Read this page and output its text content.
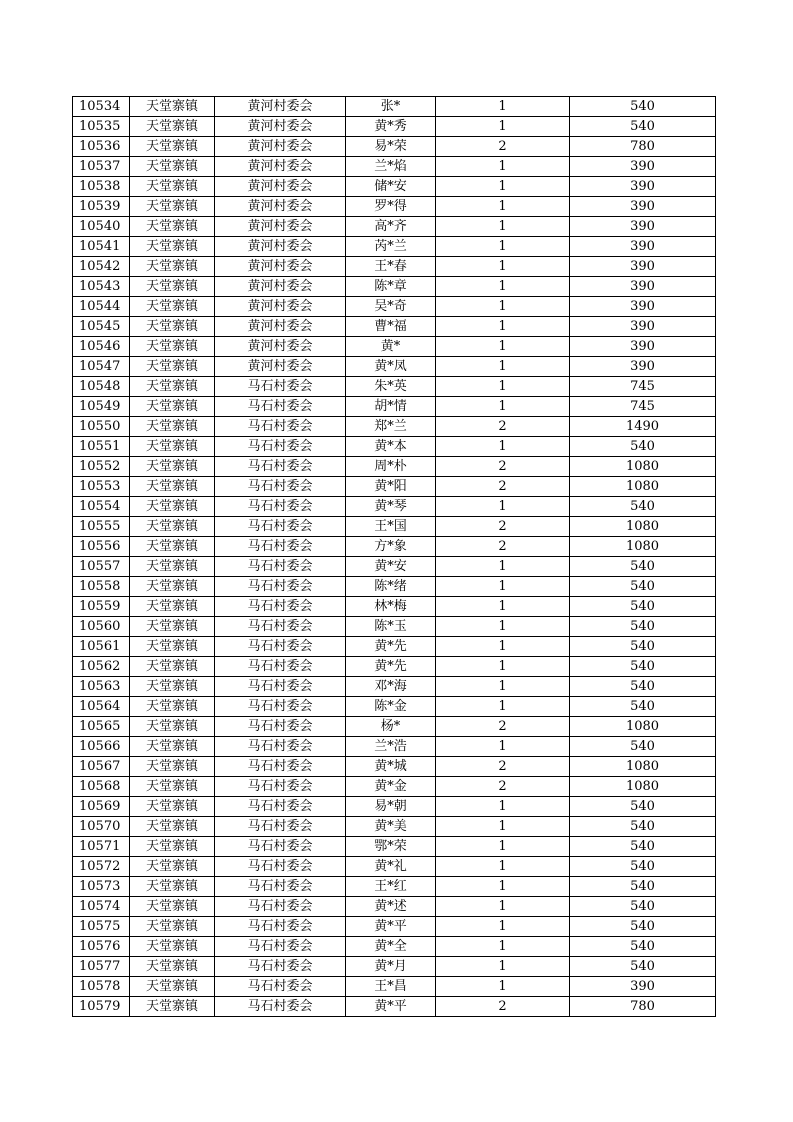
10534	天堂寨镇	黄河村委会	张*	1	540
10535	天堂寨镇	黄河村委会	黄*秀	1	540
10536	天堂寨镇	黄河村委会	易*荣	2	780
10537	天堂寨镇	黄河村委会	兰*焰	1	390
10538	天堂寨镇	黄河村委会	储*安	1	390
10539	天堂寨镇	黄河村委会	罗*得	1	390
10540	天堂寨镇	黄河村委会	高*齐	1	390
10541	天堂寨镇	黄河村委会	芮*兰	1	390
10542	天堂寨镇	黄河村委会	王*春	1	390
10543	天堂寨镇	黄河村委会	陈*章	1	390
10544	天堂寨镇	黄河村委会	吴*奇	1	390
10545	天堂寨镇	黄河村委会	曹*福	1	390
10546	天堂寨镇	黄河村委会	黄*	1	390
10547	天堂寨镇	黄河村委会	黄*凤	1	390
10548	天堂寨镇	马石村委会	朱*英	1	745
10549	天堂寨镇	马石村委会	胡*情	1	745
10550	天堂寨镇	马石村委会	郑*兰	2	1490
10551	天堂寨镇	马石村委会	黄*本	1	540
10552	天堂寨镇	马石村委会	周*朴	2	1080
10553	天堂寨镇	马石村委会	黄*阳	2	1080
10554	天堂寨镇	马石村委会	黄*琴	1	540
10555	天堂寨镇	马石村委会	王*国	2	1080
10556	天堂寨镇	马石村委会	方*象	2	1080
10557	天堂寨镇	马石村委会	黄*安	1	540
10558	天堂寨镇	马石村委会	陈*绪	1	540
10559	天堂寨镇	马石村委会	林*梅	1	540
10560	天堂寨镇	马石村委会	陈*玉	1	540
10561	天堂寨镇	马石村委会	黄*先	1	540
10562	天堂寨镇	马石村委会	黄*先	1	540
10563	天堂寨镇	马石村委会	邓*海	1	540
10564	天堂寨镇	马石村委会	陈*金	1	540
10565	天堂寨镇	马石村委会	杨*	2	1080
10566	天堂寨镇	马石村委会	兰*浩	1	540
10567	天堂寨镇	马石村委会	黄*城	2	1080
10568	天堂寨镇	马石村委会	黄*金	2	1080
10569	天堂寨镇	马石村委会	易*朝	1	540
10570	天堂寨镇	马石村委会	黄*美	1	540
10571	天堂寨镇	马石村委会	鄂*荣	1	540
10572	天堂寨镇	马石村委会	黄*礼	1	540
10573	天堂寨镇	马石村委会	王*红	1	540
10574	天堂寨镇	马石村委会	黄*述	1	540
10575	天堂寨镇	马石村委会	黄*平	1	540
10576	天堂寨镇	马石村委会	黄*全	1	540
10577	天堂寨镇	马石村委会	黄*月	1	540
10578	天堂寨镇	马石村委会	王*昌	1	390
10579	天堂寨镇	马石村委会	黄*平	2	780
